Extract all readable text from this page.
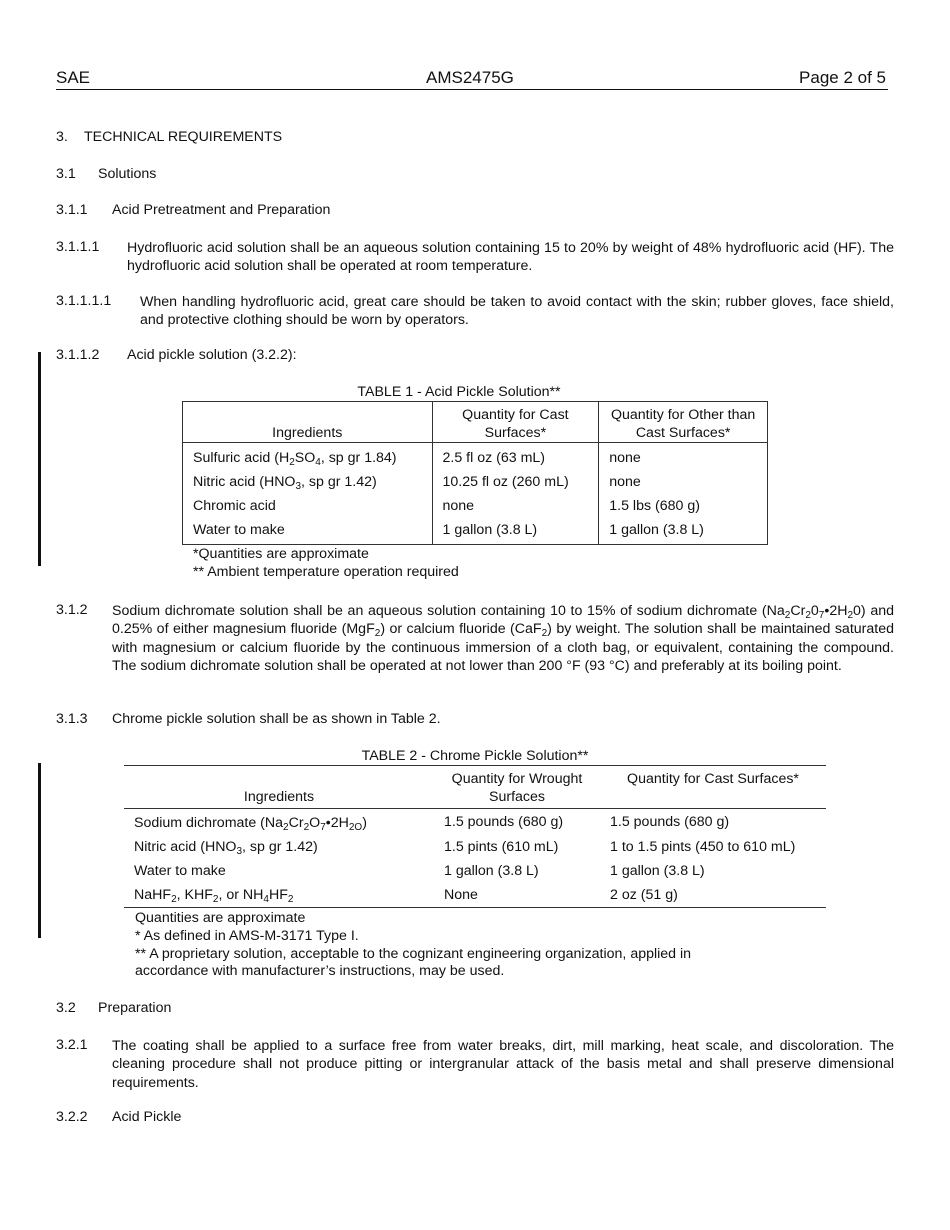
SAE	AMS2475G	Page 2 of 5
3. TECHNICAL REQUIREMENTS
3.1 Solutions
3.1.1 Acid Pretreatment and Preparation
3.1.1.1 Hydrofluoric acid solution shall be an aqueous solution containing 15 to 20% by weight of 48% hydrofluoric acid (HF). The hydrofluoric acid solution shall be operated at room temperature.
3.1.1.1.1 When handling hydrofluoric acid, great care should be taken to avoid contact with the skin; rubber gloves, face shield, and protective clothing should be worn by operators.
3.1.1.2 Acid pickle solution (3.2.2):
TABLE 1 - Acid Pickle Solution**
Ingredients	Quantity for Cast Surfaces*	Quantity for Other than Cast Surfaces*
Sulfuric acid ($H_2SO_4$, sp gr 1.84)	2.5 fl oz (63 mL)	none
Nitric acid ($HNO_3$, sp gr 1.42)	10.25 fl oz (260 mL)	none
Chromic acid	none	1.5 lbs (680 g)
Water to make	1 gallon (3.8 L)	1 gallon (3.8 L)
*Quantities are approximate
** Ambient temperature operation required
3.1.2 Sodium dichromate solution shall be an aqueous solution containing 10 to 15% of sodium dichromate $(Na_2Cr_20_7•2H_20)$ and 0.25% of either magnesium fluoride (MgF$_2$) or calcium fluoride (CaF$_2$) by weight. The solution shall be maintained saturated with magnesium or calcium fluoride by the continuous immersion of a cloth bag, or equivalent, containing the compound. The sodium dichromate solution shall be operated at not lower than 200 °F (93 °C) and preferably at its boiling point.
3.1.3 Chrome pickle solution shall be as shown in Table 2.
TABLE 2 - Chrome Pickle Solution**
Ingredients	Quantity for Wrought Surfaces	Quantity for Cast Surfaces*
Sodium dichromate $(Na_2Cr_2O_7•2H_{2O})$	1.5 pounds (680 g)	1.5 pounds (680 g)
Nitric acid ($HNO_3$, sp gr 1.42)	1.5 pints (610 mL)	1 to 1.5 pints (450 to 610 mL)
Water to make	1 gallon (3.8 L)	1 gallon (3.8 L)
NaHF$_2$, $KHF_2$, or $NH_4HF_2$	None	2 oz (51 g)
Quantities are approximate
* As defined in AMS-M-3171 Type I.
** A proprietary solution, acceptable to the cognizant engineering organization, applied in
accordance with manufacturer’s instructions, may be used.
3.2 Preparation
3.2.1 The coating shall be applied to a surface free from water breaks, dirt, mill marking, heat scale, and discoloration. The cleaning procedure shall not produce pitting or intergranular attack of the basis metal and shall preserve dimensional requirements.
3.2.2 Acid Pickle
